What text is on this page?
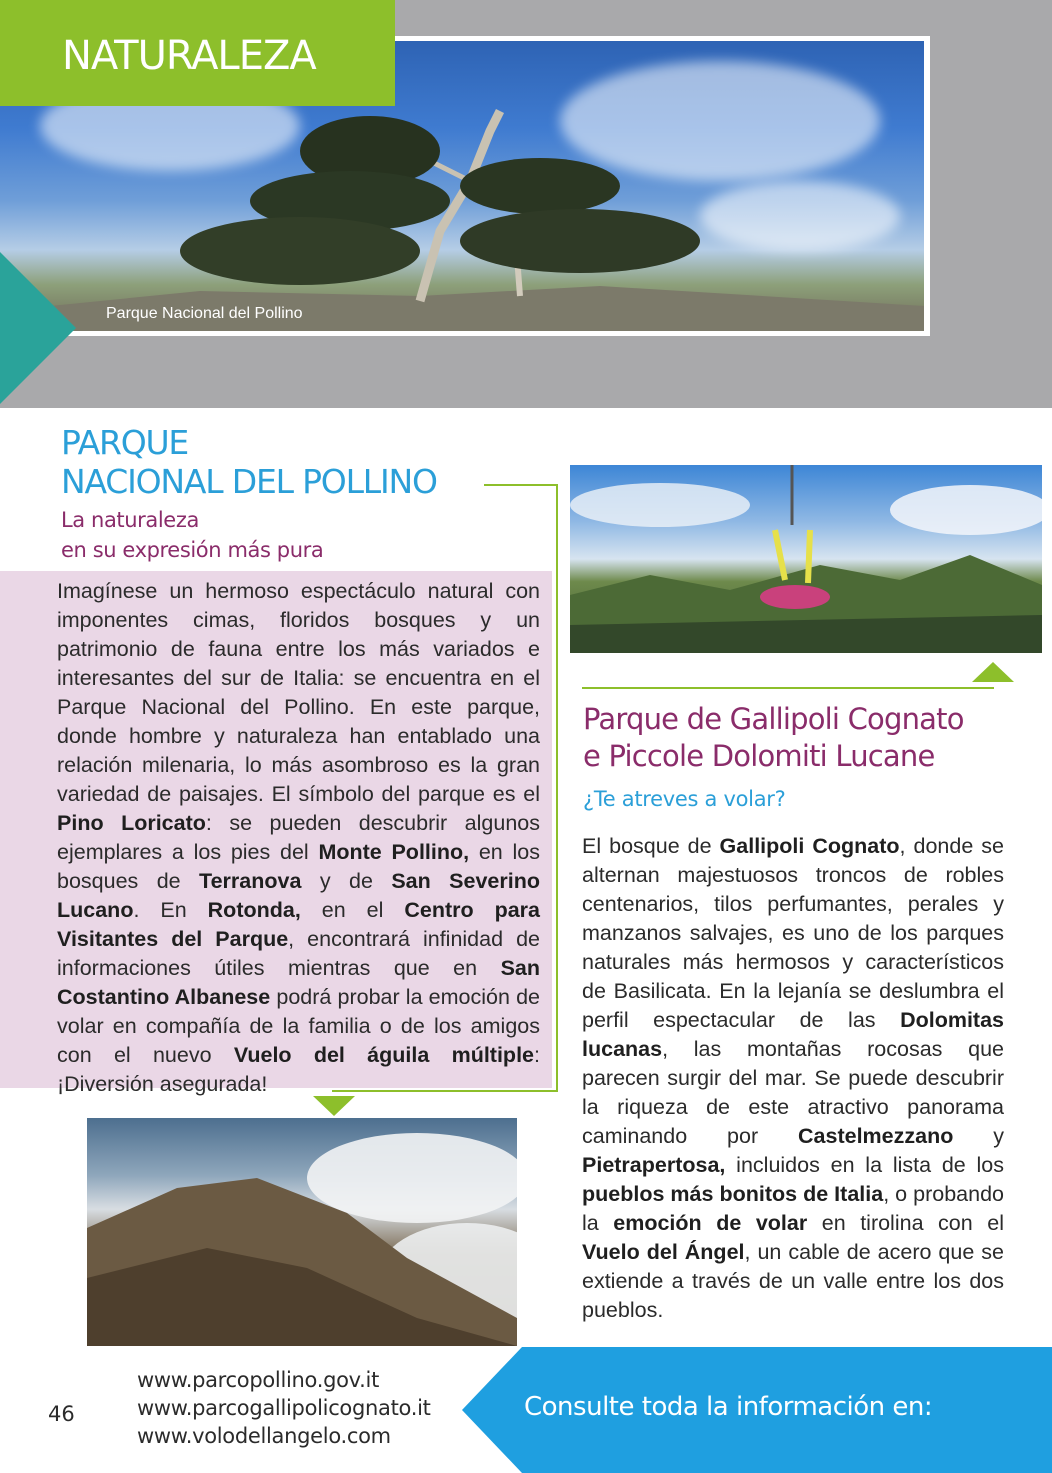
Parque Nacional del Pollino
NATURALEZA
PARQUE
NACIONAL DEL POLLINO
La naturaleza
en su expresión más pura
Imagínese un hermoso espectáculo natural con imponentes cimas, floridos bosques y un patrimonio de fauna entre los más variados e interesantes del sur de Italia: se encuentra en el Parque Nacional del Pollino. En este parque, donde hombre y naturaleza han entablado una relación milenaria, lo más asombroso es la gran variedad de paisajes. El símbolo del parque es el Pino Loricato: se pueden descubrir algunos ejemplares a los pies del Monte Pollino, en los bosques de Terranova y de San Severino Lucano. En Rotonda, en el Centro para Visitantes del Parque, encontrará infinidad de informaciones útiles mientras que en San Costantino Albanese podrá probar la emoción de volar en compañía de la familia o de los amigos con el nuevo Vuelo del águila múltiple: ¡Diversión asegurada!
Parque de Gallipoli Cognato
e Piccole Dolomiti Lucane
¿Te atreves a volar?
El bosque de Gallipoli Cognato, donde se alternan majestuosos troncos de robles centenarios, tilos perfumantes, perales y manzanos salvajes, es uno de los parques naturales más hermosos y característicos de Basilicata. En la lejanía se deslumbra el perfil espectacular de las Dolomitas lucanas, las montañas rocosas que parecen surgir del mar. Se puede descubrir la riqueza de este atractivo panorama caminando por Castelmezzano y Pietrapertosa, incluidos en la lista de los pueblos más bonitos de Italia, o probando la emoción de volar en tirolina con el Vuelo del Ángel, un cable de acero que se extiende a través de un valle entre los dos pueblos.
46
www.parcopollino.gov.it
www.parcogallipolicognato.it
www.volodellangelo.com
Consulte toda la información en:
